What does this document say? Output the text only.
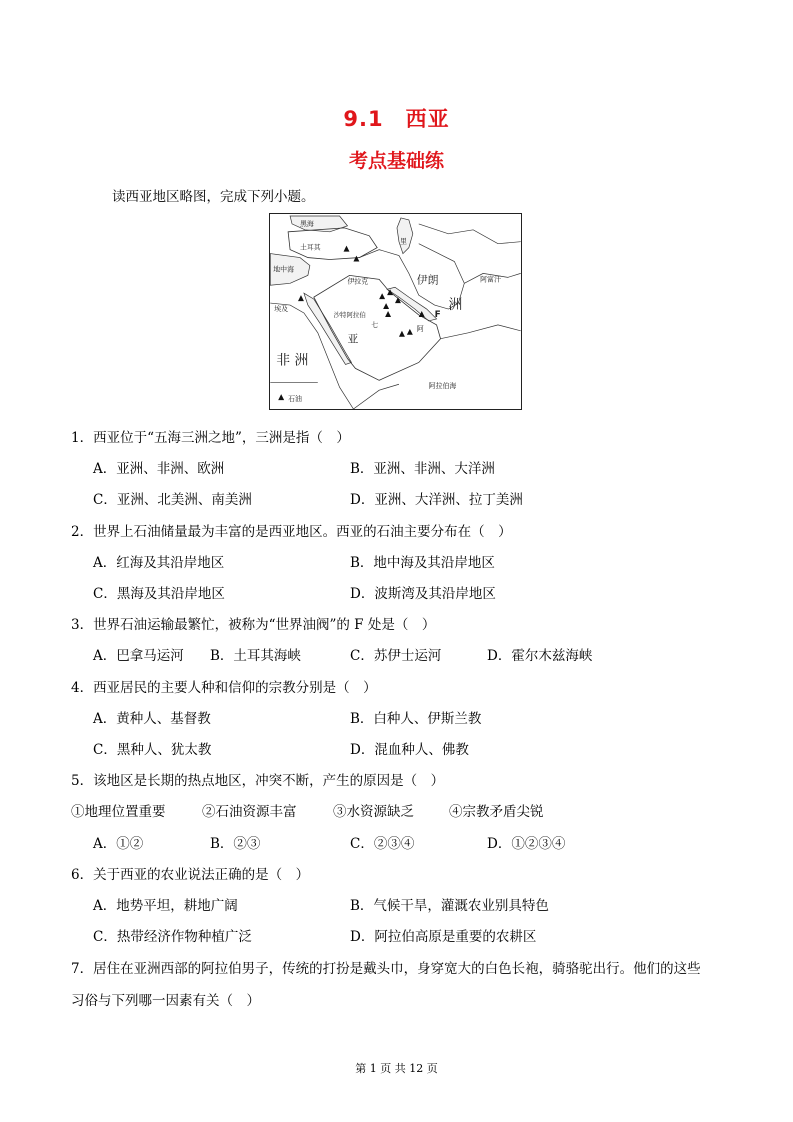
9.1　西亚
考点基础练
读西亚地区略图，完成下列小题。
黑海
土耳其
地中海
伊拉克	伊朗
洲
阿富汗
埃及
沙特阿拉伯
亚
阿拉伯海
非 洲
石油
F
里
七	阿
1．西亚位于“五海三洲之地”，三洲是指（　）
A．亚洲、非洲、欧洲	B．亚洲、非洲、大洋洲
C．亚洲、北美洲、南美洲	D．亚洲、大洋洲、拉丁美洲
2．世界上石油储量最为丰富的是西亚地区。西亚的石油主要分布在（　）
A．红海及其沿岸地区	B．地中海及其沿岸地区
C．黑海及其沿岸地区	D．波斯湾及其沿岸地区
3．世界石油运输最繁忙，被称为“世界油阀”的 F 处是（　）
A．巴拿马运河 B．土耳其海峡	C．苏伊士运河	D．霍尔木兹海峡
4．西亚居民的主要人种和信仰的宗教分别是（　）
A．黄种人、基督教	B．白种人、伊斯兰教
C．黑种人、犹太教	D．混血种人、佛教
5．该地区是长期的热点地区，冲突不断，产生的原因是（　）
①地理位置重要	②石油资源丰富	③水资源缺乏	④宗教矛盾尖锐
A．①②	B．②③	C．②③④	D．①②③④
6．关于西亚的农业说法正确的是（　）
A．地势平坦，耕地广阔	B．气候干旱，灌溉农业别具特色
C．热带经济作物种植广泛	D．阿拉伯高原是重要的农耕区
7．居住在亚洲西部的阿拉伯男子，传统的打扮是戴头巾，身穿宽大的白色长袍，骑骆驼出行。他们的这些
习俗与下列哪一因素有关（　）
第 1 页 共 12 页
